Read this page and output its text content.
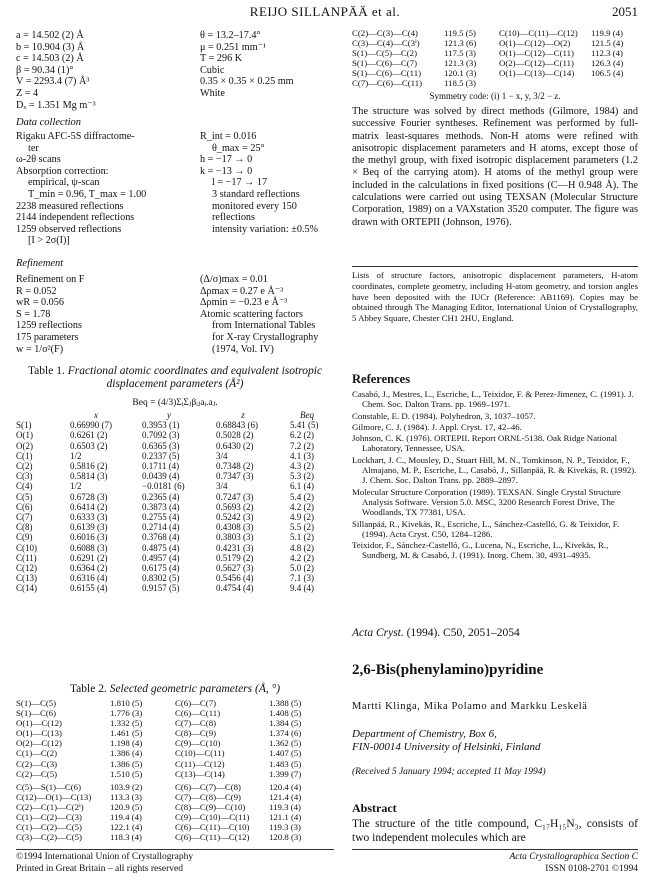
REIJO SILLANPÄÄ et al.	2051
a = 14.502 (2) Å	θ = 13.2–17.4°
b = 10.904 (3) Å	μ = 0.251 mm⁻¹
c = 14.503 (2) Å	T = 296 K
β = 90.34 (1)°	Cubic
V = 2293.4 (7) Å³	0.35 × 0.35 × 0.25 mm
Z = 4	White
Dₓ = 1.351 Mg m⁻³
Data collection
Rigaku AFC-5S diffractome-	R_int = 0.016
ter	θ_max = 25°
ω-2θ scans	h = −17 → 0
Absorption correction:	k = −13 → 0
empirical, ψ-scan	l = −17 → 17
T_min = 0.96, T_max = 1.00	3 standard reflections
2238 measured reflections	monitored every 150
2144 independent reflections	reflections
1259 observed reflections	intensity variation: ±0.5%
[I > 2σ(I)]
Refinement
Refinement on F	(Δ/σ)max = 0.01
R = 0.052	Δρmax = 0.27 e Å⁻³
wR = 0.056	Δρmin = −0.23 e Å⁻³
S = 1.78	Atomic scattering factors
1259 reflections	from International Tables
175 parameters	for X-ray Crystallography
w = 1/σ²(F)	(1974, Vol. IV)
Table 1. Fractional atomic coordinates and equivalent isotropic displacement parameters (Å²)
Beq = (4/3)ΣᵢΣⱼβᵢⱼaᵢ.aⱼ.
	x	y	z	Beq
S(1)	0.66990 (7)	0.3953 (1)	0.68843 (6)	5.41 (5)
O(1)	0.6261 (2)	0.7092 (3)	0.5028 (2)	6.2 (2)
O(2)	0.6503 (2)	0.6365 (3)	0.6430 (2)	7.2 (2)
C(1)	1/2	0.2337 (5)	3/4	4.1 (3)
C(2)	0.5816 (2)	0.1711 (4)	0.7348 (2)	4.3 (2)
C(3)	0.5814 (3)	0.0439 (4)	0.7347 (3)	5.3 (2)
C(4)	1/2	−0.0181 (6)	3/4	6.1 (4)
C(5)	0.6728 (3)	0.2365 (4)	0.7247 (3)	5.4 (2)
C(6)	0.6414 (2)	0.3873 (4)	0.5693 (2)	4.2 (2)
C(7)	0.6333 (3)	0.2755 (4)	0.5242 (3)	4.9 (2)
C(8)	0.6139 (3)	0.2714 (4)	0.4308 (3)	5.5 (2)
C(9)	0.6016 (3)	0.3768 (4)	0.3803 (3)	5.1 (2)
C(10)	0.6088 (3)	0.4875 (4)	0.4231 (3)	4.8 (2)
C(11)	0.6291 (2)	0.4957 (4)	0.5179 (2)	4.2 (2)
C(12)	0.6364 (2)	0.6175 (4)	0.5627 (3)	5.0 (2)
C(13)	0.6316 (4)	0.8302 (5)	0.5456 (4)	7.1 (3)
C(14)	0.6155 (4)	0.9157 (5)	0.4754 (4)	9.4 (4)
Table 2. Selected geometric parameters (Å, °)
S(1)—C(5)	1.810 (5)
S(1)—C(6)	1.776 (3)
O(1)—C(12)	1.332 (5)
O(1)—C(13)	1.461 (5)
O(2)—C(12)	1.198 (4)
C(1)—C(2)	1.386 (4)
C(2)—C(3)	1.386 (5)
C(2)—C(5)	1.510 (5)
C(6)—C(7)	1.388 (5)
C(6)—C(11)	1.408 (5)
C(7)—C(8)	1.384 (5)
C(8)—C(9)	1.374 (6)
C(9)—C(10)	1.362 (5)
C(10)—C(11)	1.407 (5)
C(11)—C(12)	1.483 (5)
C(13)—C(14)	1.399 (7)
C(5)—S(1)—C(6)	103.9 (2)
C(12)—O(1)—C(13)	113.3 (3)
C(2)—C(1)—C(2ⁱ)	120.9 (5)
C(1)—C(2)—C(3)	119.4 (4)
C(1)—C(2)—C(5)	122.1 (4)
C(3)—C(2)—C(5)	118.3 (4)
C(6)—C(7)—C(8)	120.4 (4)
C(7)—C(8)—C(9)	121.4 (4)
C(8)—C(9)—C(10)	119.3 (4)
C(9)—C(10)—C(11)	121.1 (4)
C(6)—C(11)—C(10)	119.3 (3)
C(6)—C(11)—C(12)	120.8 (3)
©1994 International Union of Crystallography
Printed in Great Britain – all rights reserved
C(2)—C(3)—C(4)	119.5 (5)
C(3)—C(4)—C(3ⁱ)	121.3 (6)
S(1)—C(5)—C(2)	117.5 (3)
S(1)—C(6)—C(7)	121.3 (3)
S(1)—C(6)—C(11)	120.1 (3)
C(7)—C(6)—C(11)	118.5 (3)
C(10)—C(11)—C(12)	119.9 (4)
O(1)—C(12)—O(2)	121.5 (4)
O(1)—C(12)—C(11)	112.3 (4)
O(2)—C(12)—C(11)	126.3 (4)
O(1)—C(13)—C(14)	106.5 (4)
Symmetry code: (i) 1 − x, y, 3/2 − z.
The structure was solved by direct methods (Gilmore, 1984) and successive Fourier syntheses. Refinement was performed by full-matrix least-squares methods. Non-H atoms were refined with anisotropic displacement parameters and H atoms, except those of the methyl group, with fixed isotropic displacement parameters (1.2 × Beq of the carrying atom). H atoms of the methyl group were included in the calculations in fixed positions (C—H 0.948 Å). The calculations were carried out using TEXSAN (Molecular Structure Corporation, 1989) on a VAXstation 3520 computer. The figure was drawn with ORTEPII (Johnson, 1976).
Lists of structure factors, anisotropic displacement parameters, H-atom coordinates, complete geometry, including H-atom geometry, and torsion angles have been deposited with the IUCr (Reference: AB1169). Copies may be obtained through The Managing Editor, International Union of Crystallography, 5 Abbey Square, Chester CH1 2HU, England.
References

Casabó, J., Mestres, L., Escriche, L., Teixidor, F. & Perez-Jimenez, C. (1991). J. Chem. Soc. Dalton Trans. pp. 1969–1971.

Constable, E. D. (1984). Polyhedron, 3, 1037–1057.

Gilmore, C. J. (1984). J. Appl. Cryst. 17, 42–46.

Johnson, C. K. (1976). ORTEPII. Report ORNL-5138. Oak Ridge National Laboratory, Tennessee, USA.

Lockhart, J. C., Mousley, D., Stuart Hill, M. N., Tomkinson, N. P., Teixidor, F., Almajano, M. P., Escriche, L., Casabó, J., Sillanpää, R. & Kivekäs, R. (1992). J. Chem. Soc. Dalton Trans. pp. 2889–2897.

Molecular Structure Corporation (1989). TEXSAN. Single Crystal Structure Analysis Software. Version 5.0. MSC, 3200 Research Forest Drive, The Woodlands, TX 77381, USA.

Sillanpää, R., Kivekäs, R., Escriche, L., Sánchez-Castelló, G. & Teixidor, F. (1994). Acta Cryst. C50, 1284–1286.

Teixidor, F., Sánchez-Castelló, G., Lucena, N., Escriche, L., Kivekäs, R., Sundberg, M. & Casabó, J. (1991). Inorg. Chem. 30, 4931–4935.

Acta Cryst. (1994). C50, 2051–2054
2,6-Bis(phenylamino)pyridine
Martti Klinga, Mika Polamo and Markku Leskelä
Department of Chemistry, Box 6,
FIN-00014 University of Helsinki, Finland
(Received 5 January 1994; accepted 11 May 1994)
Abstract
The structure of the title compound, C₁₇H₁₅N₃, consists of two independent molecules which are
Acta Crystallographica Section C
ISSN 0108-2701 ©1994
